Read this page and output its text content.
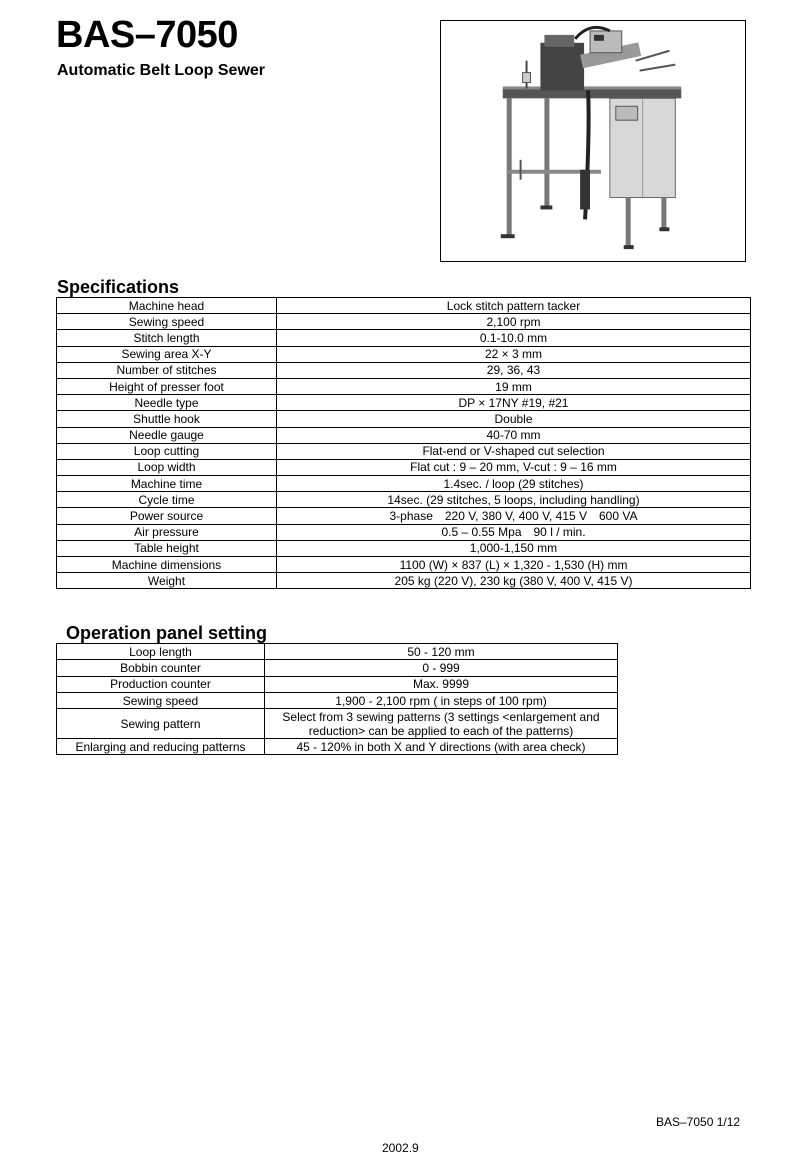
BAS–7050
Automatic Belt Loop Sewer
Specifications
Machine head	Lock stitch pattern tacker
Sewing speed	2,100 rpm
Stitch length	0.1-10.0 mm
Sewing area X-Y	22 × 3 mm
Number of stitches	29, 36, 43
Height of presser foot	19 mm
Needle type	DP × 17NY #19, #21
Shuttle hook	Double
Needle gauge	40-70 mm
Loop cutting	Flat-end or V-shaped cut selection
Loop width	Flat cut : 9 – 20 mm, V-cut : 9 – 16 mm
Machine time	1.4sec. / loop (29 stitches)
Cycle time	14sec. (29 stitches, 5 loops, including handling)
Power source	3-phase 220 V, 380 V, 400 V, 415 V 600 VA
Air pressure	0.5 – 0.55 Mpa 90 l / min.
Table height	1,000-1,150 mm
Machine dimensions	1100 (W) × 837 (L) × 1,320 - 1,530 (H) mm
Weight	205 kg (220 V), 230 kg (380 V, 400 V, 415 V)
Operation panel setting
Loop length	50 - 120 mm
Bobbin counter	0 - 999
Production counter	Max. 9999
Sewing speed	1,900 - 2,100 rpm ( in steps of 100 rpm)
Sewing pattern	Select from 3 sewing patterns (3 settings <enlargement and reduction> can be applied to each of the patterns)
Enlarging and reducing patterns	45 - 120% in both X and Y directions (with area check)
BAS–7050 1/12
2002.9
